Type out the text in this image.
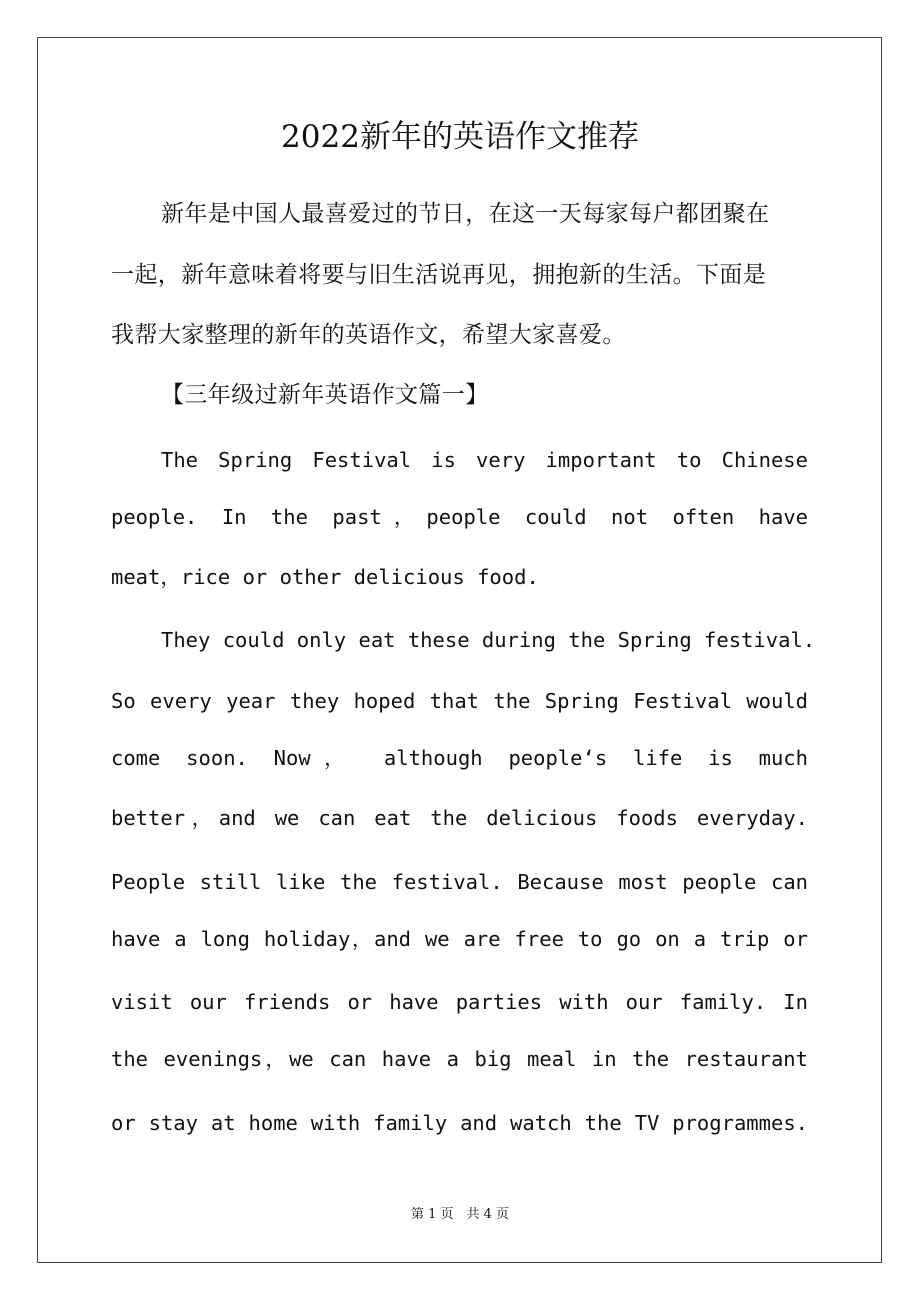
2022新年的英语作文推荐
新年是中国人最喜爱过的节日，在这一天每家每户都团聚在
一起，新年意味着将要与旧生活说再见，拥抱新的生活。下面是
我帮大家整理的新年的英语作文，希望大家喜爱。
【三年级过新年英语作文篇一】
The Spring Festival is very important to Chinese
people. In the past，people could not often have
meat，rice or other delicious food.
They could only eat these during the Spring festival.
So every year they hoped that the Spring Festival would
come soon. Now， although people‘s life is much
better，and we can eat the delicious foods everyday.
People still like the festival. Because most people can
have a long holiday，and we are free to go on a trip or
visit our friends or have parties with our family. In
the evenings，we can have a big meal in the restaurant
or stay at home with family and watch the TV programmes.
第 1 页　共 4 页
